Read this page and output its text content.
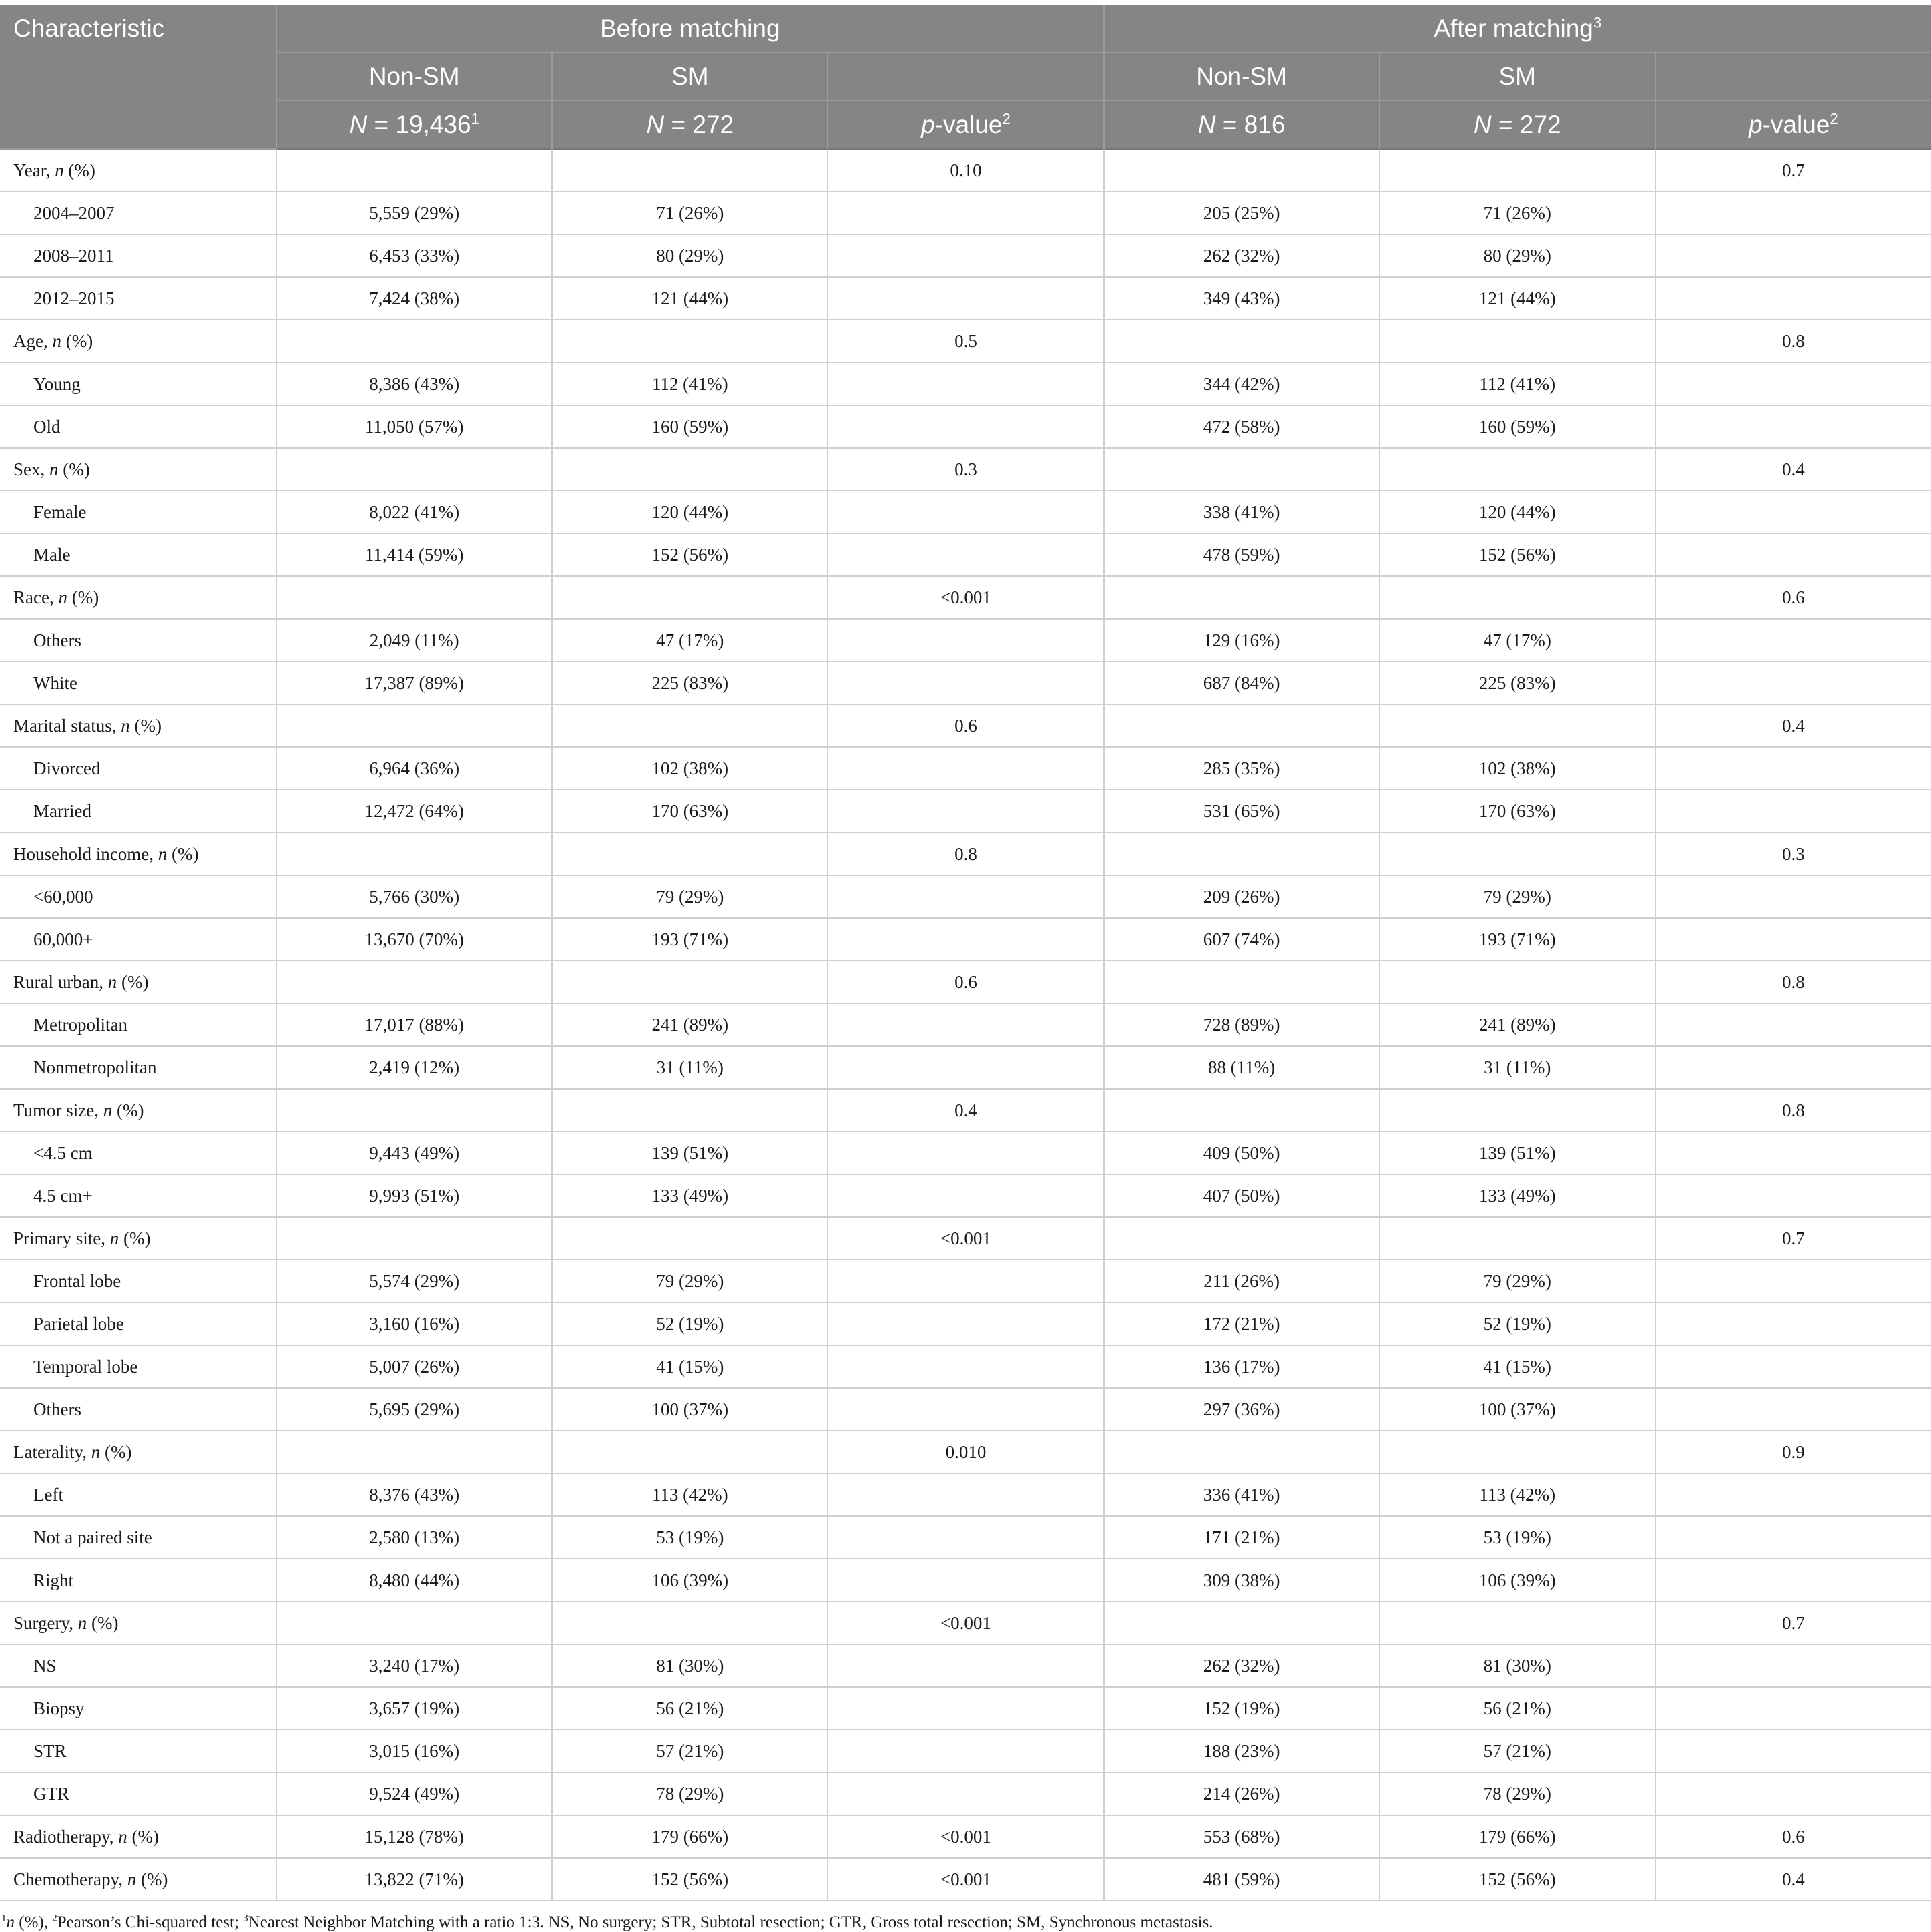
Characteristic	Before matching			After matching$^3$
	Non-SM	SM		Non-SM	SM	
	$N = 19,436^1$	N = 272	p-value$^2$	N = 816	N = 272	p-value$^2$
Year, n (%)			0.10			0.7
2004–2007	5,559 (29%)	71 (26%)		205 (25%)	71 (26%)	
2008–2011	6,453 (33%)	80 (29%)		262 (32%)	80 (29%)	
2012–2015	7,424 (38%)	121 (44%)		349 (43%)	121 (44%)	
Age, n (%)			0.5			0.8
Young	8,386 (43%)	112 (41%)		344 (42%)	112 (41%)	
Old	11,050 (57%)	160 (59%)		472 (58%)	160 (59%)	
Sex, n (%)			0.3			0.4
Female	8,022 (41%)	120 (44%)		338 (41%)	120 (44%)	
Male	11,414 (59%)	152 (56%)		478 (59%)	152 (56%)	
Race, n (%)			<0.001			0.6
Others	2,049 (11%)	47 (17%)		129 (16%)	47 (17%)	
White	17,387 (89%)	225 (83%)		687 (84%)	225 (83%)	
Marital status, n (%)			0.6			0.4
Divorced	6,964 (36%)	102 (38%)		285 (35%)	102 (38%)	
Married	12,472 (64%)	170 (63%)		531 (65%)	170 (63%)	
Household income, n (%)			0.8			0.3
<60,000	5,766 (30%)	79 (29%)		209 (26%)	79 (29%)	
60,000+	13,670 (70%)	193 (71%)		607 (74%)	193 (71%)	
Rural urban, n (%)			0.6			0.8
Metropolitan	17,017 (88%)	241 (89%)		728 (89%)	241 (89%)	
Nonmetropolitan	2,419 (12%)	31 (11%)		88 (11%)	31 (11%)	
Tumor size, n (%)			0.4			0.8
<4.5 cm	9,443 (49%)	139 (51%)		409 (50%)	139 (51%)	
4.5 cm+	9,993 (51%)	133 (49%)		407 (50%)	133 (49%)	
Primary site, n (%)			<0.001			0.7
Frontal lobe	5,574 (29%)	79 (29%)		211 (26%)	79 (29%)	
Parietal lobe	3,160 (16%)	52 (19%)		172 (21%)	52 (19%)	
Temporal lobe	5,007 (26%)	41 (15%)		136 (17%)	41 (15%)	
Others	5,695 (29%)	100 (37%)		297 (36%)	100 (37%)	
Laterality, n (%)			0.010			0.9
Left	8,376 (43%)	113 (42%)		336 (41%)	113 (42%)	
Not a paired site	2,580 (13%)	53 (19%)		171 (21%)	53 (19%)	
Right	8,480 (44%)	106 (39%)		309 (38%)	106 (39%)	
Surgery, n (%)			<0.001			0.7
NS	3,240 (17%)	81 (30%)		262 (32%)	81 (30%)	
Biopsy	3,657 (19%)	56 (21%)		152 (19%)	56 (21%)	
STR	3,015 (16%)	57 (21%)		188 (23%)	57 (21%)	
GTR	9,524 (49%)	78 (29%)		214 (26%)	78 (29%)	
Radiotherapy, n (%)	15,128 (78%)	179 (66%)	<0.001	553 (68%)	179 (66%)	0.6
Chemotherapy, n (%)	13,822 (71%)	152 (56%)	<0.001	481 (59%)	152 (56%)	0.4
$^1$n (%), $^2$Pearson’s Chi-squared test; $^3$Nearest Neighbor Matching with a ratio 1:3. NS, No surgery; STR, Subtotal resection; GTR, Gross total resection; SM, Synchronous metastasis.
